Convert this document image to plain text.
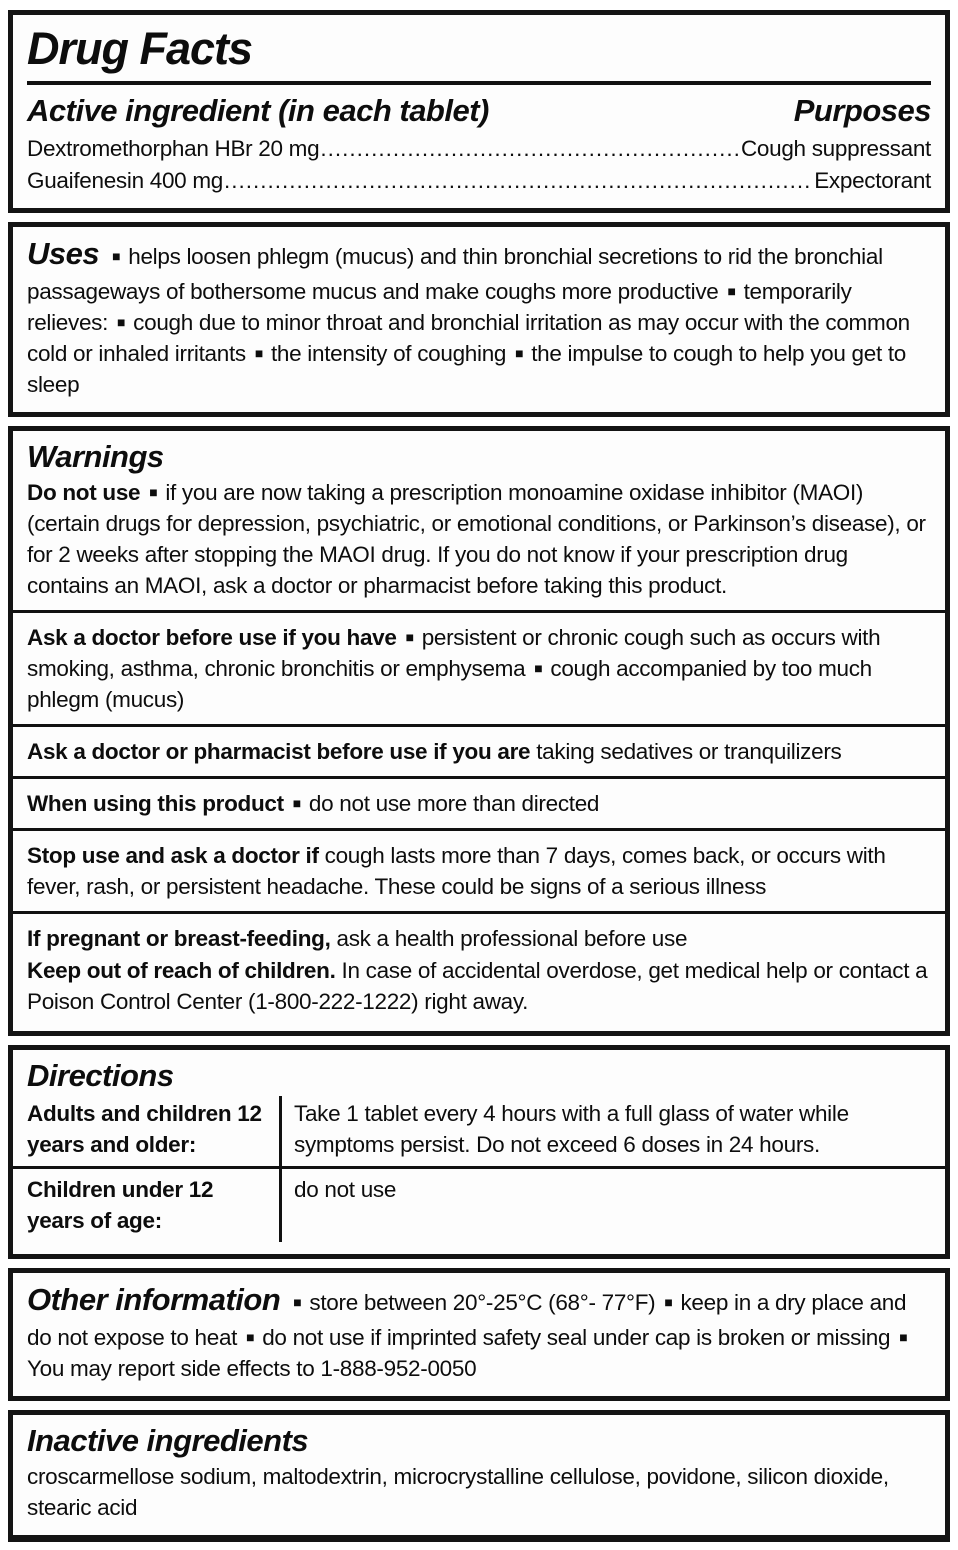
Drug Facts
Active ingredient (in each tablet)	Purposes
Dextromethorphan HBr 20 mg .....	Cough suppressant
Guaifenesin 400 mg .....	Expectorant

Uses ■ helps loosen phlegm (mucus) and thin bronchial secretions to rid the bronchial passageways of bothersome mucus and make coughs more productive ■ temporarily relieves: ■ cough due to minor throat and bronchial irritation as may occur with the common cold or inhaled irritants ■ the intensity of coughing ■ the impulse to cough to help you get to sleep

Warnings

Do not use ■ if you are now taking a prescription monoamine oxidase inhibitor (MAOI) (certain drugs for depression, psychiatric, or emotional conditions, or Parkinson’s disease), or for 2 weeks after stopping the MAOI drug. If you do not know if your prescription drug contains an MAOI, ask a doctor or pharmacist before taking this product.

Ask a doctor before use if you have ■ persistent or chronic cough such as occurs with smoking, asthma, chronic bronchitis or emphysema ■ cough accompanied by too much phlegm (mucus)

Ask a doctor or pharmacist before use if you are taking sedatives or tranquilizers

When using this product ■ do not use more than directed

Stop use and ask a doctor if cough lasts more than 7 days, comes back, or occurs with fever, rash, or persistent headache. These could be signs of a serious illness

If pregnant or breast-feeding, ask a health professional before use

Keep out of reach of children. In case of accidental overdose, get medical help or contact a Poison Control Center (1-800-222-1222) right away.

Directions
Adults and children 12 years and older:
Take 1 tablet every 4 hours with a full glass of water while symptoms persist. Do not exceed 6 doses in 24 hours.
Children under 12 years of age:
do not use

Other information ■ store between 20°-25°C (68°- 77°F) ■ keep in a dry place and do not expose to heat ■ do not use if imprinted safety seal under cap is broken or missing ■You may report side effects to 1-888-952-0050

Inactive ingredients

croscarmellose sodium, maltodextrin, microcrystalline cellulose, povidone, silicon dioxide, stearic acid
